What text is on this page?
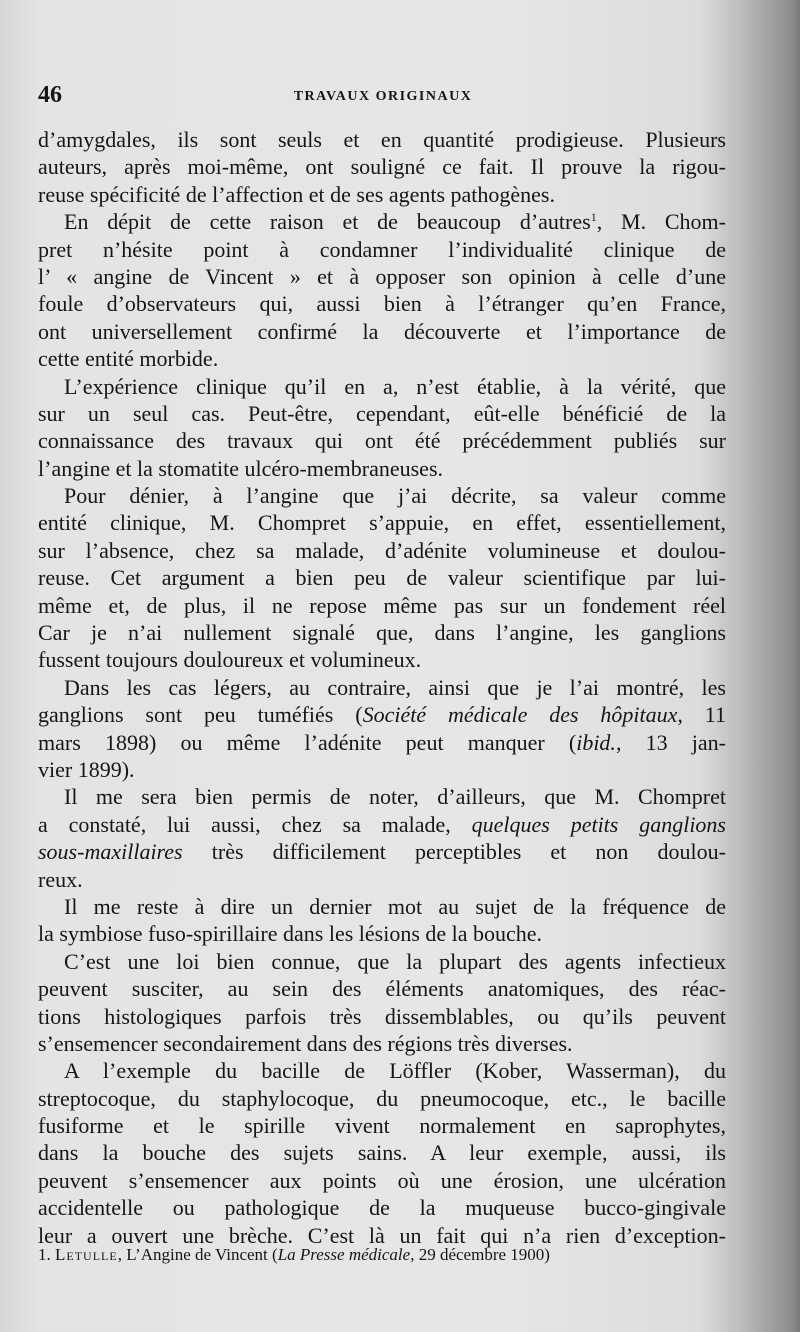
46	TRAVAUX ORIGINAUX
d’amygdales, ils sont seuls et en quantité prodigieuse. Plusieurs
auteurs, après moi-même, ont souligné ce fait. Il prouve la rigou-
reuse spécificité de l’affection et de ses agents pathogènes.
En dépit de cette raison et de beaucoup d’autres$^1$, M. Chom-
pret n’hésite point à condamner l’individualité clinique de
l’ « angine de Vincent » et à opposer son opinion à celle d’une
foule d’observateurs qui, aussi bien à l’étranger qu’en France,
ont universellement confirmé la découverte et l’importance de
cette entité morbide.
L’expérience clinique qu’il en a, n’est établie, à la vérité, que
sur un seul cas. Peut-être, cependant, eût-elle bénéficié de la
connaissance des travaux qui ont été précédemment publiés sur
l’angine et la stomatite ulcéro-membraneuses.
Pour dénier, à l’angine que j’ai décrite, sa valeur comme
entité clinique, M. Chompret s’appuie, en effet, essentiellement,
sur l’absence, chez sa malade, d’adénite volumineuse et doulou-
reuse. Cet argument a bien peu de valeur scientifique par lui-
même et, de plus, il ne repose même pas sur un fondement réel
Car je n’ai nullement signalé que, dans l’angine, les ganglions
fussent toujours douloureux et volumineux.
Dans les cas légers, au contraire, ainsi que je l’ai montré, les
ganglions sont peu tuméfiés (Société médicale des hôpitaux, 11
mars 1898) ou même l’adénite peut manquer (ibid., 13 jan-
vier 1899).
Il me sera bien permis de noter, d’ailleurs, que M. Chompret
a constaté, lui aussi, chez sa malade, quelques petits ganglions
sous-maxillaires très difficilement perceptibles et non doulou-
reux.
Il me reste à dire un dernier mot au sujet de la fréquence de
la symbiose fuso-spirillaire dans les lésions de la bouche.
C’est une loi bien connue, que la plupart des agents infectieux
peuvent susciter, au sein des éléments anatomiques, des réac-
tions histologiques parfois très dissemblables, ou qu’ils peuvent
s’ensemencer secondairement dans des régions très diverses.
A l’exemple du bacille de Löffler (Kober, Wasserman), du
streptocoque, du staphylocoque, du pneumocoque, etc., le bacille
fusiforme et le spirille vivent normalement en saprophytes,
dans la bouche des sujets sains. A leur exemple, aussi, ils
peuvent s’ensemencer aux points où une érosion, une ulcération
accidentelle ou pathologique de la muqueuse bucco-gingivale
leur a ouvert une brèche. C’est là un fait qui n’a rien d’exception-
1. Letulle, L’Angine de Vincent (La Presse médicale, 29 décembre 1900)
